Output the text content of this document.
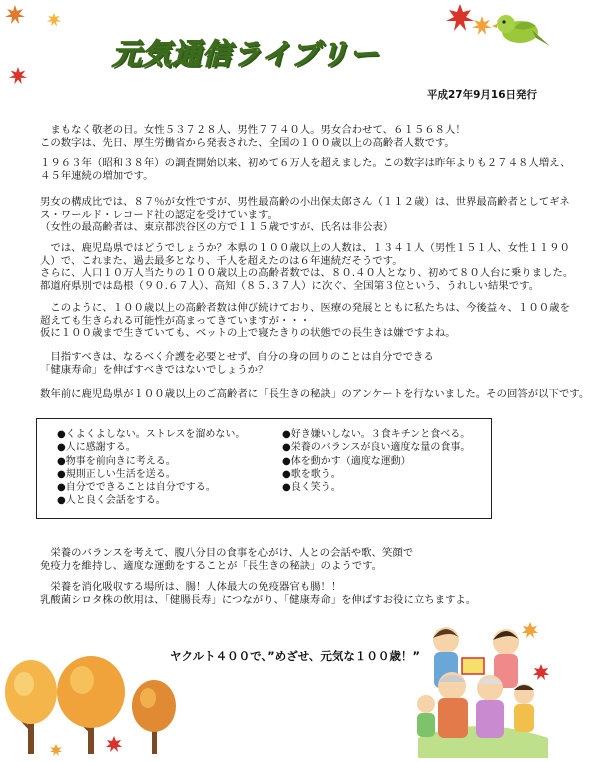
元気通信ライブリー
平成27年9月16日発行
　まもなく敬老の日。女性５３７２８人、男性７７４０人。男女合わせて、６１５６８人！
この数字は、先日、厚生労働省から発表された、全国の１００歳以上の高齢者人数です。
１９６３年（昭和３８年）の調査開始以来、初めて６万人を超えました。この数字は昨年よりも２７４８人増え、
４５年連続の増加です。
男女の構成比では、８７％が女性ですが、男性最高齢の小出保太郎さん（１１２歳）は、世界最高齢者としてギネ
ス・ワールド・レコード社の認定を受けています。
（女性の最高齢者は、東京都渋谷区の方で１１５歳ですが、氏名は非公表）
　では、鹿児島県ではどうでしょうか？本県の１００歳以上の人数は、１３４１人（男性１５１人、女性１１９０
人）で、これまた、過去最多となり、千人を超えたのは６年連続だそうです。
さらに、人口１０万人当たりの１００歳以上の高齢者数では、８０.４０人となり、初めて８０人台に乗りました。
都道府県別では島根（９０.６７人）、高知（８５.３７人）に次ぐ、全国第３位という、うれしい結果です。
　このように、１００歳以上の高齢者数は伸び続けており、医療の発展とともに私たちは、今後益々、１００歳を
超えても生きられる可能性が高まってきていますが・・・
仮に１００歳まで生きていても、ベットの上で寝たきりの状態での長生きは嫌ですよね。
　目指すべきは、なるべく介護を必要とせず、自分の身の回りのことは自分でできる
「健康寿命」を伸ばすべきではないでしょうか？
数年前に鹿児島県が１００歳以上のご高齢者に「長生きの秘訣」のアンケートを行ないました。その回答が以下です。
●くよくよしない。ストレスを溜めない。
●人に感謝する。
●物事を前向きに考える。
●規則正しい生活を送る。
●自分でできることは自分でする。
●人と良く会話をする。
●好き嫌いしない。３食キチンと食べる。
●栄養のバランスが良い適度な量の食事。
●体を動かす（適度な運動）
●歌を歌う。
●良く笑う。
　栄養のバランスを考えて、腹八分目の食事を心がけ、人との会話や歌、笑顔で
免疫力を維持し、適度な運動をすることが「長生きの秘訣」のようです。
　栄養を消化吸収する場所は、腸！人体最大の免疫器官も腸！！
乳酸菌シロタ株の飲用は、「健腸長寿」につながり、「健康寿命」を伸ばすお役に立ちますよ。
ヤクルト４００で、”めざせ、元気な１００歳！”
